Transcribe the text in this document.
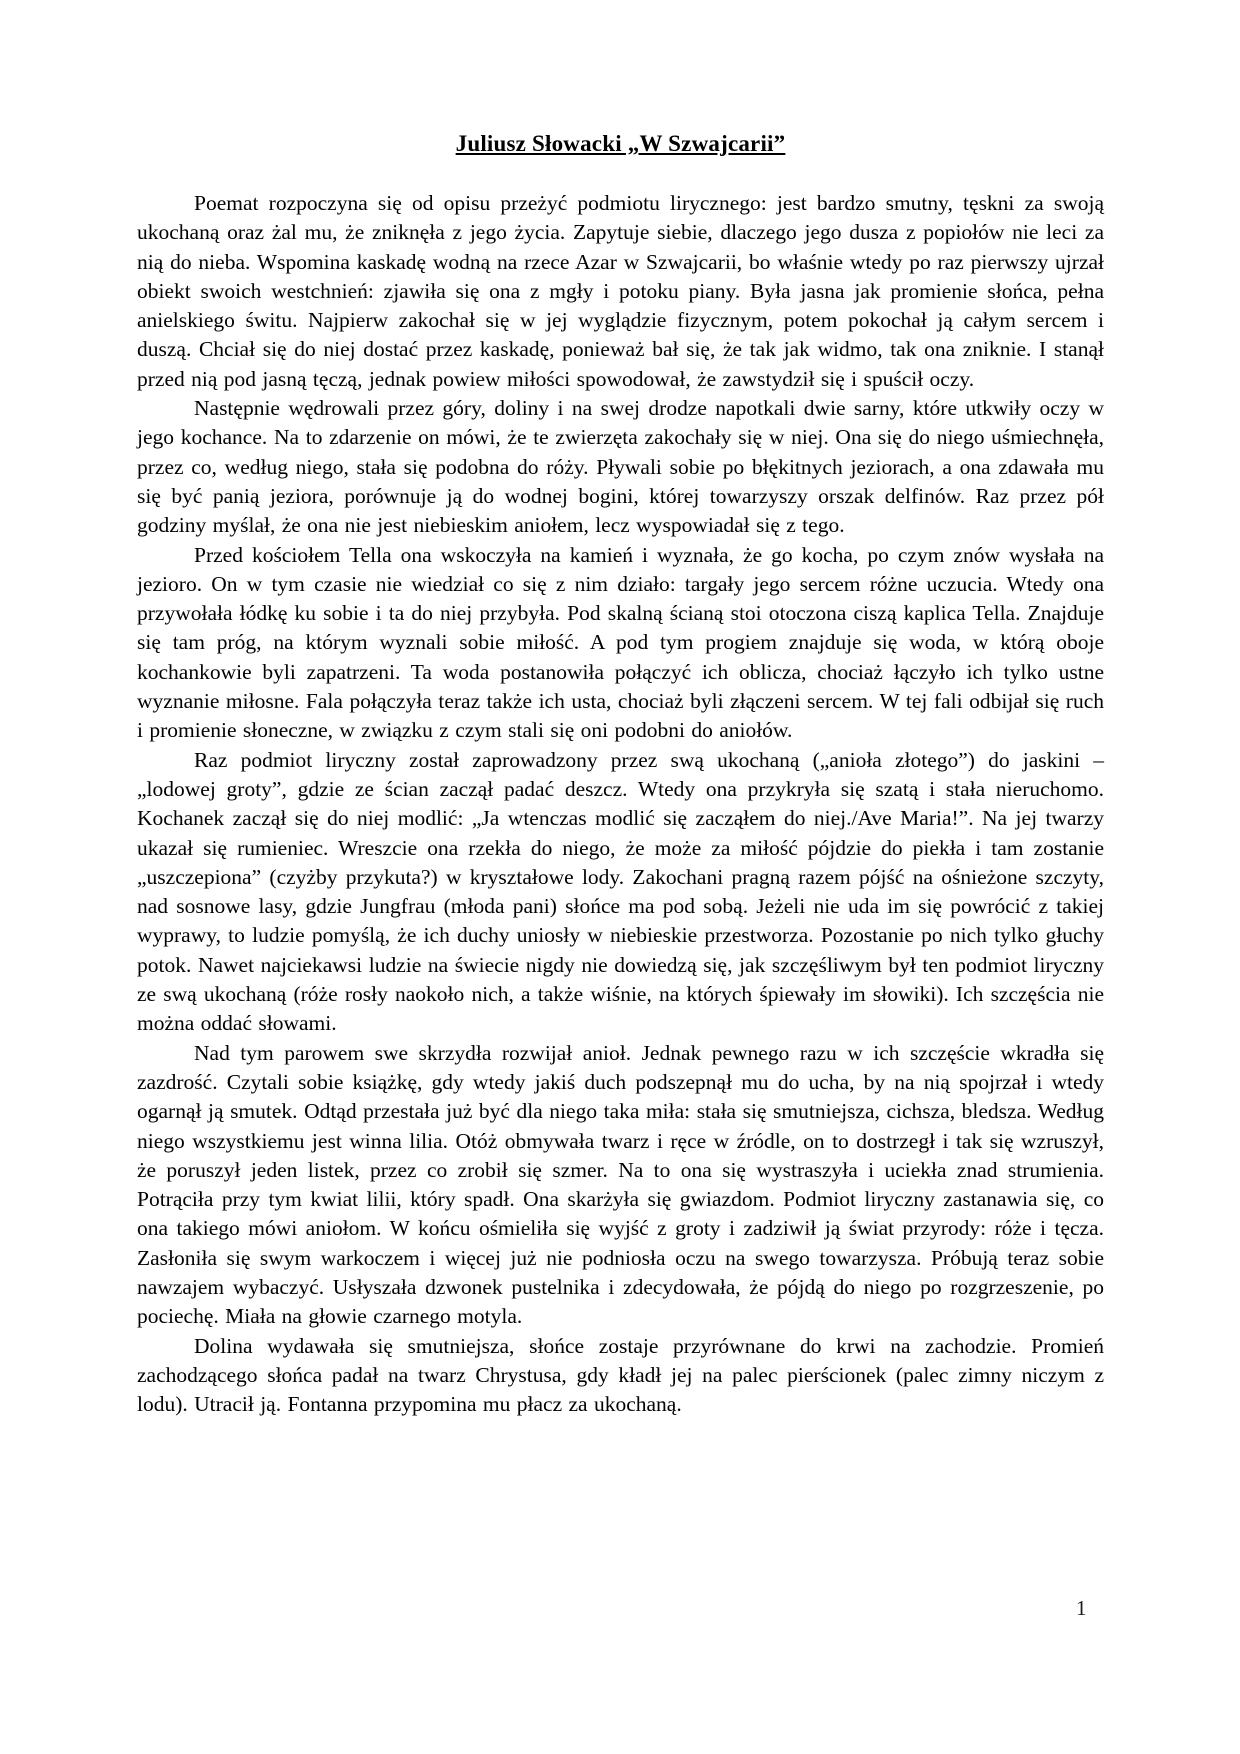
Juliusz Słowacki „W Szwajcarii”

Poemat rozpoczyna się od opisu przeżyć podmiotu lirycznego: jest bardzo smutny, tęskni za swoją ukochaną oraz żal mu, że zniknęła z jego życia. Zapytuje siebie, dlaczego jego dusza z popiołów nie leci za nią do nieba. Wspomina kaskadę wodną na rzece Azar w Szwajcarii, bo właśnie wtedy po raz pierwszy ujrzał obiekt swoich westchnień: zjawiła się ona z mgły i potoku piany. Była jasna jak promienie słońca, pełna anielskiego świtu. Najpierw zakochał się w jej wyglądzie fizycznym, potem pokochał ją całym sercem i duszą. Chciał się do niej dostać przez kaskadę, ponieważ bał się, że tak jak widmo, tak ona zniknie. I stanął przed nią pod jasną tęczą, jednak powiew miłości spowodował, że zawstydził się i spuścił oczy.

Następnie wędrowali przez góry, doliny i na swej drodze napotkali dwie sarny, które utkwiły oczy w jego kochance. Na to zdarzenie on mówi, że te zwierzęta zakochały się w niej. Ona się do niego uśmiechnęła, przez co, według niego, stała się podobna do róży. Pływali sobie po błękitnych jeziorach, a ona zdawała mu się być panią jeziora, porównuje ją do wodnej bogini, której towarzyszy orszak delfinów. Raz przez pół godziny myślał, że ona nie jest niebieskim aniołem, lecz wyspowiadał się z tego.

Przed kościołem Tella ona wskoczyła na kamień i wyznała, że go kocha, po czym znów wysłała na jezioro. On w tym czasie nie wiedział co się z nim działo: targały jego sercem różne uczucia. Wtedy ona przywołała łódkę ku sobie i ta do niej przybyła. Pod skalną ścianą stoi otoczona ciszą kaplica Tella. Znajduje się tam próg, na którym wyznali sobie miłość. A pod tym progiem znajduje się woda, w którą oboje kochankowie byli zapatrzeni. Ta woda postanowiła połączyć ich oblicza, chociaż łączyło ich tylko ustne wyznanie miłosne. Fala połączyła teraz także ich usta, chociaż byli złączeni sercem. W tej fali odbijał się ruch i promienie słoneczne, w związku z czym stali się oni podobni do aniołów.

Raz podmiot liryczny został zaprowadzony przez swą ukochaną („anioła złotego”) do jaskini – „lodowej groty”, gdzie ze ścian zaczął padać deszcz. Wtedy ona przykryła się szatą i stała nieruchomo. Kochanek zaczął się do niej modlić: „Ja wtenczas modlić się zacząłem do niej./Ave Maria!”. Na jej twarzy ukazał się rumieniec. Wreszcie ona rzekła do niego, że może za miłość pójdzie do piekła i tam zostanie „uszczepiona” (czyżby przykuta?) w kryształowe lody. Zakochani pragną razem pójść na ośnieżone szczyty, nad sosnowe lasy, gdzie Jungfrau (młoda pani) słońce ma pod sobą. Jeżeli nie uda im się powrócić z takiej wyprawy, to ludzie pomyślą, że ich duchy uniosły w niebieskie przestworza. Pozostanie po nich tylko głuchy potok. Nawet najciekawsi ludzie na świecie nigdy nie dowiedzą się, jak szczęśliwym był ten podmiot liryczny ze swą ukochaną (róże rosły naokoło nich, a także wiśnie, na których śpiewały im słowiki). Ich szczęścia nie można oddać słowami.

Nad tym parowem swe skrzydła rozwijał anioł. Jednak pewnego razu w ich szczęście wkradła się zazdrość. Czytali sobie książkę, gdy wtedy jakiś duch podszepnął mu do ucha, by na nią spojrzał i wtedy ogarnął ją smutek. Odtąd przestała już być dla niego taka miła: stała się smutniejsza, cichsza, bledsza. Według niego wszystkiemu jest winna lilia. Otóż obmywała twarz i ręce w źródle, on to dostrzegł i tak się wzruszył, że poruszył jeden listek, przez co zrobił się szmer. Na to ona się wystraszyła i uciekła znad strumienia. Potrąciła przy tym kwiat lilii, który spadł. Ona skarżyła się gwiazdom. Podmiot liryczny zastanawia się, co ona takiego mówi aniołom. W końcu ośmieliła się wyjść z groty i zadziwił ją świat przyrody: róże i tęcza. Zasłoniła się swym warkoczem i więcej już nie podniosła oczu na swego towarzysza. Próbują teraz sobie nawzajem wybaczyć. Usłyszała dzwonek pustelnika i zdecydowała, że pójdą do niego po rozgrzeszenie, po pociechę. Miała na głowie czarnego motyla.

Dolina wydawała się smutniejsza, słońce zostaje przyrównane do krwi na zachodzie. Promień zachodzącego słońca padał na twarz Chrystusa, gdy kładł jej na palec pierścionek (palec zimny niczym z lodu). Utracił ją. Fontanna przypomina mu płacz za ukochaną.

1
